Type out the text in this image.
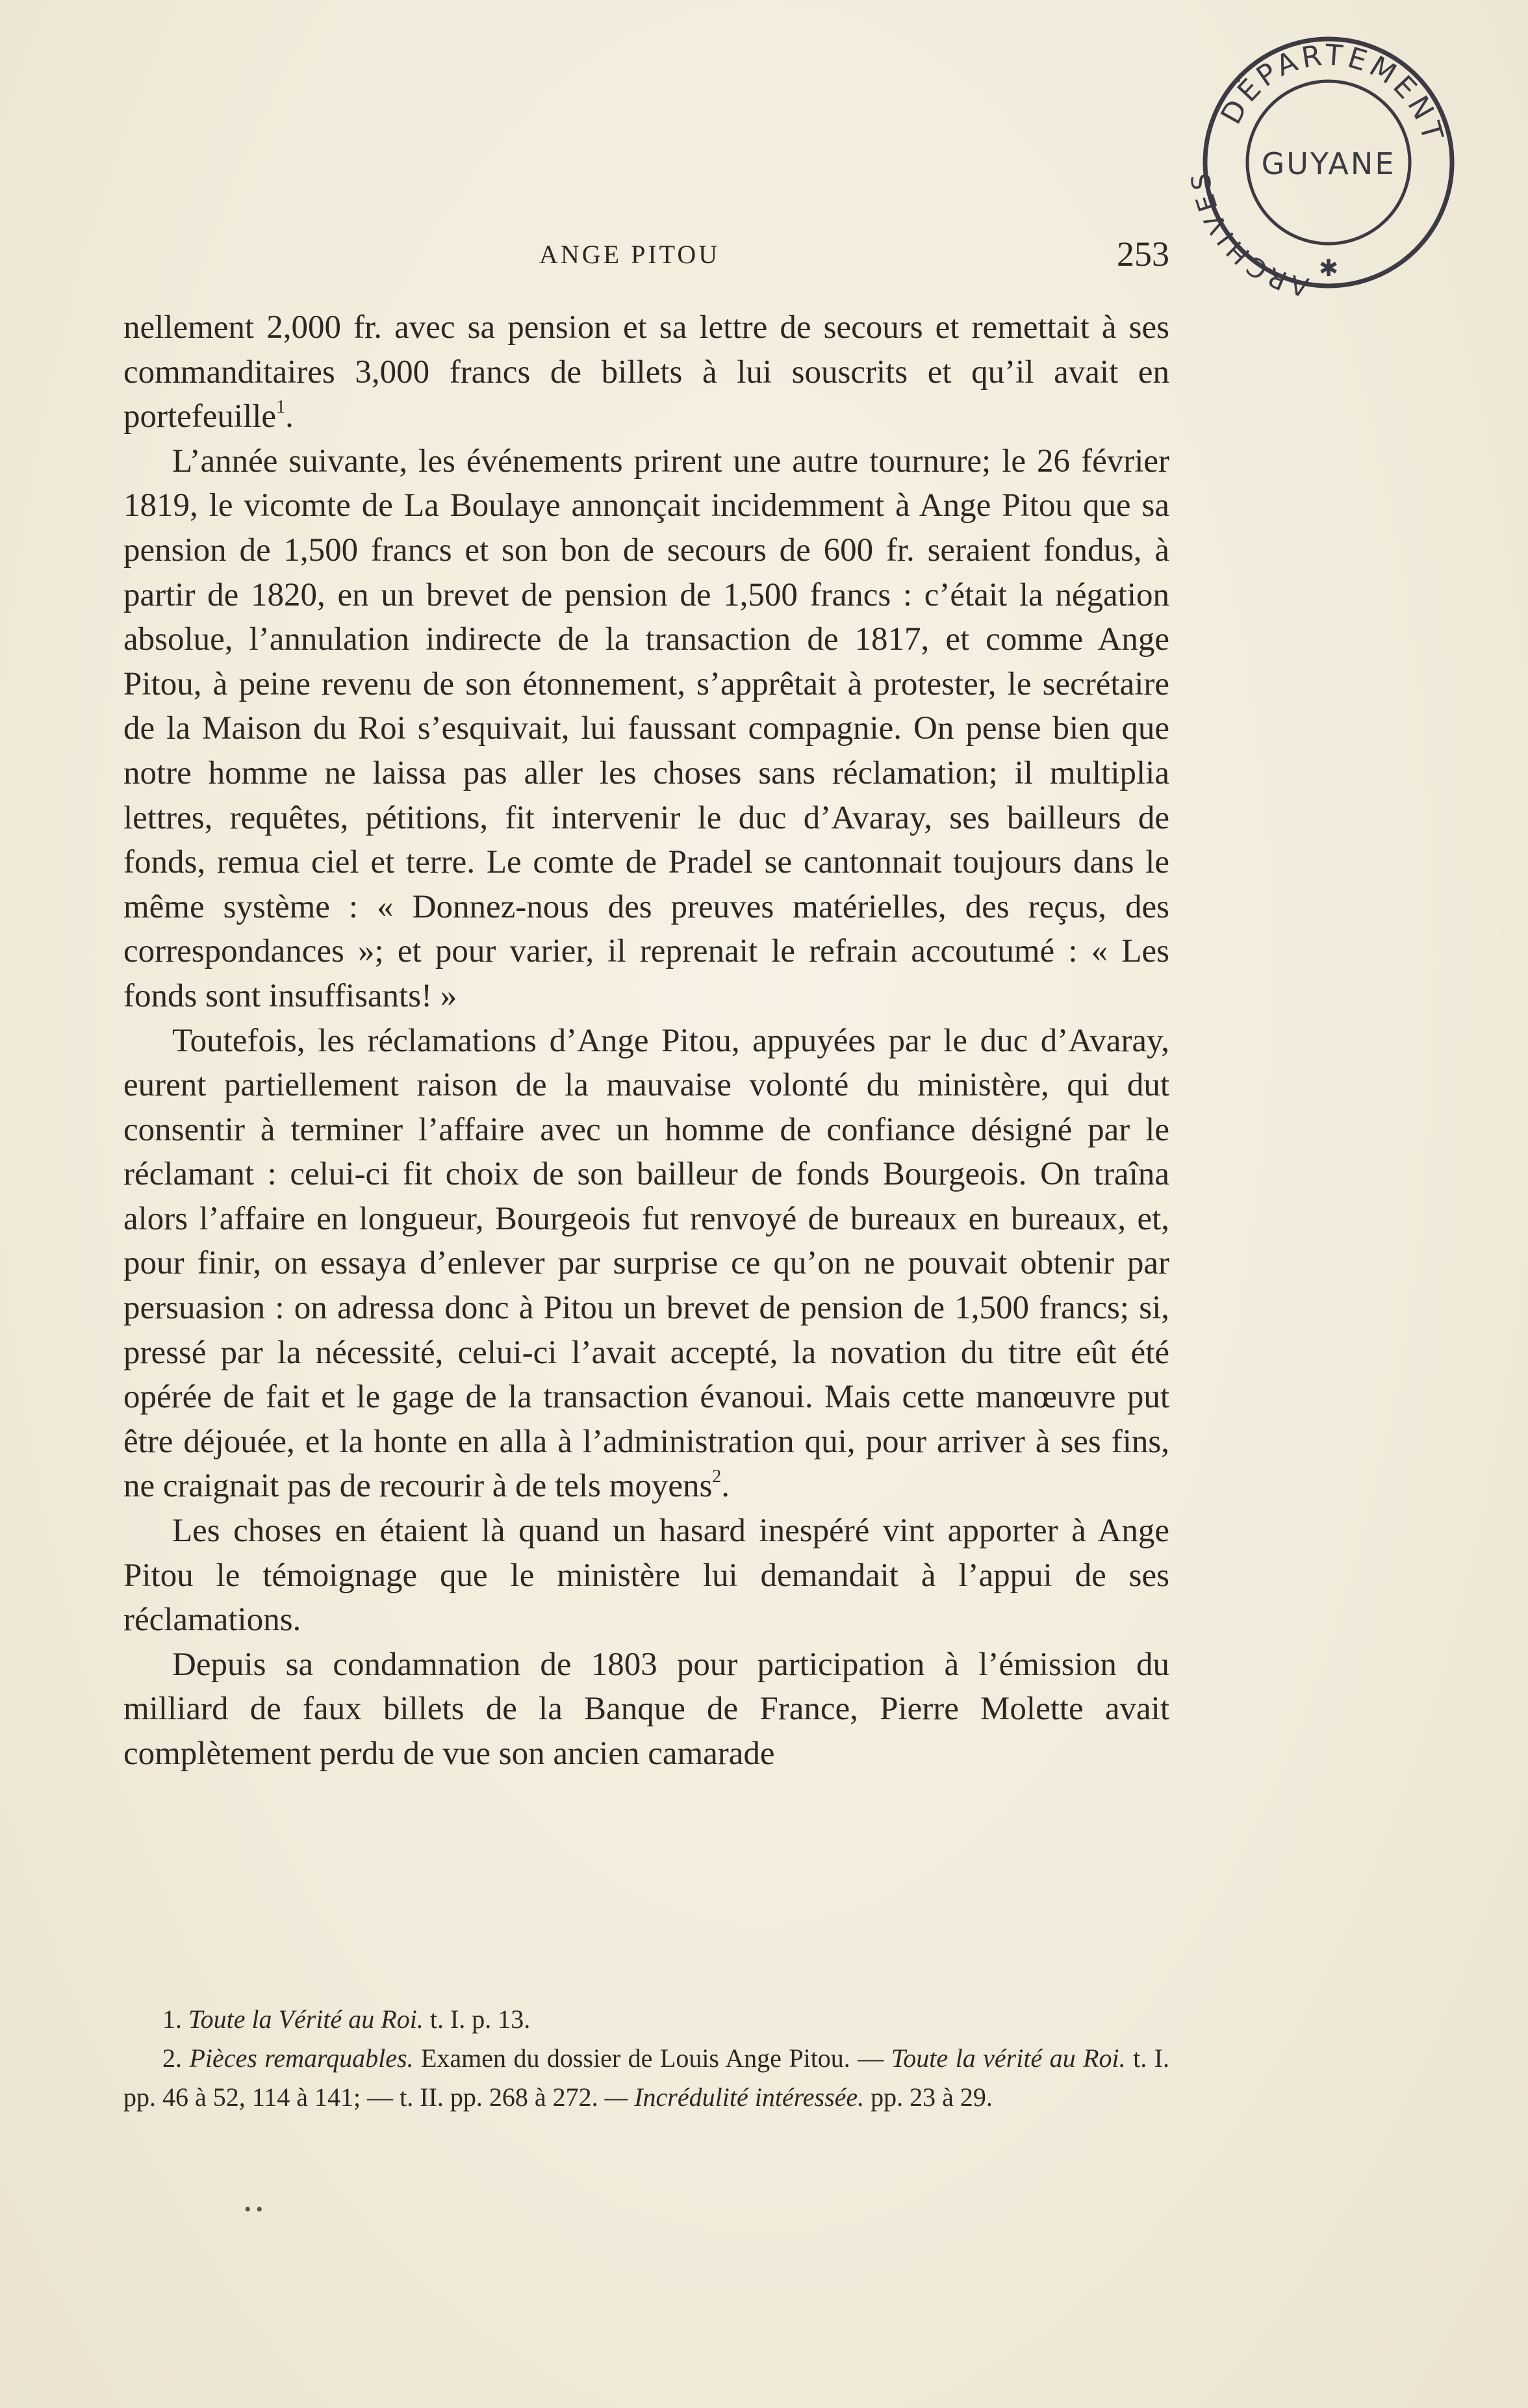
DÉPARTEMENT
ARCHIVES	GUYANE
✱
ANGE PITOU	253

nellement 2,000 fr. avec sa pension et sa lettre de secours et remettait à ses commanditaires 3,000 francs de billets à lui souscrits et qu’il avait en portefeuille$^1$.

L’année suivante, les événements prirent une autre tournure; le 26 février 1819, le vicomte de La Boulaye annonçait incidemment à Ange Pitou que sa pension de 1,500 francs et son bon de secours de 600 fr. seraient fondus, à partir de 1820, en un brevet de pension de 1,500 francs : c’était la négation absolue, l’annulation indirecte de la transaction de 1817, et comme Ange Pitou, à peine revenu de son étonnement, s’apprêtait à protester, le secrétaire de la Maison du Roi s’esquivait, lui faussant compagnie. On pense bien que notre homme ne laissa pas aller les choses sans réclamation; il multiplia lettres, requêtes, pétitions, fit intervenir le duc d’Avaray, ses bailleurs de fonds, remua ciel et terre. Le comte de Pradel se cantonnait toujours dans le même système : « Donnez-nous des preuves matérielles, des reçus, des correspondances »; et pour varier, il reprenait le refrain accoutumé : « Les fonds sont insuffisants! »

Toutefois, les réclamations d’Ange Pitou, appuyées par le duc d’Avaray, eurent partiellement raison de la mauvaise volonté du ministère, qui dut consentir à terminer l’affaire avec un homme de confiance désigné par le réclamant : celui-ci fit choix de son bailleur de fonds Bourgeois. On traîna alors l’affaire en longueur, Bourgeois fut renvoyé de bureaux en bureaux, et, pour finir, on essaya d’enlever par surprise ce qu’on ne pouvait obtenir par persuasion : on adressa donc à Pitou un brevet de pension de 1,500 francs; si, pressé par la nécessité, celui-ci l’avait accepté, la novation du titre eût été opérée de fait et le gage de la transaction évanoui. Mais cette manœuvre put être déjouée, et la honte en alla à l’administration qui, pour arriver à ses fins, ne craignait pas de recourir à de tels moyens$^2$.

Les choses en étaient là quand un hasard inespéré vint apporter à Ange Pitou le témoignage que le ministère lui demandait à l’appui de ses réclamations.

Depuis sa condamnation de 1803 pour participation à l’émission du milliard de faux billets de la Banque de France, Pierre Molette avait complètement perdu de vue son ancien camarade

1. Toute la Vérité au Roi. t. I. p. 13.

2. Pièces remarquables. Examen du dossier de Louis Ange Pitou. — Toute la vérité au Roi. t. I. pp. 46 à 52, 114 à 141; — t. II. pp. 268 à 272. — Incrédulité intéressée. pp. 23 à 29.

• •
